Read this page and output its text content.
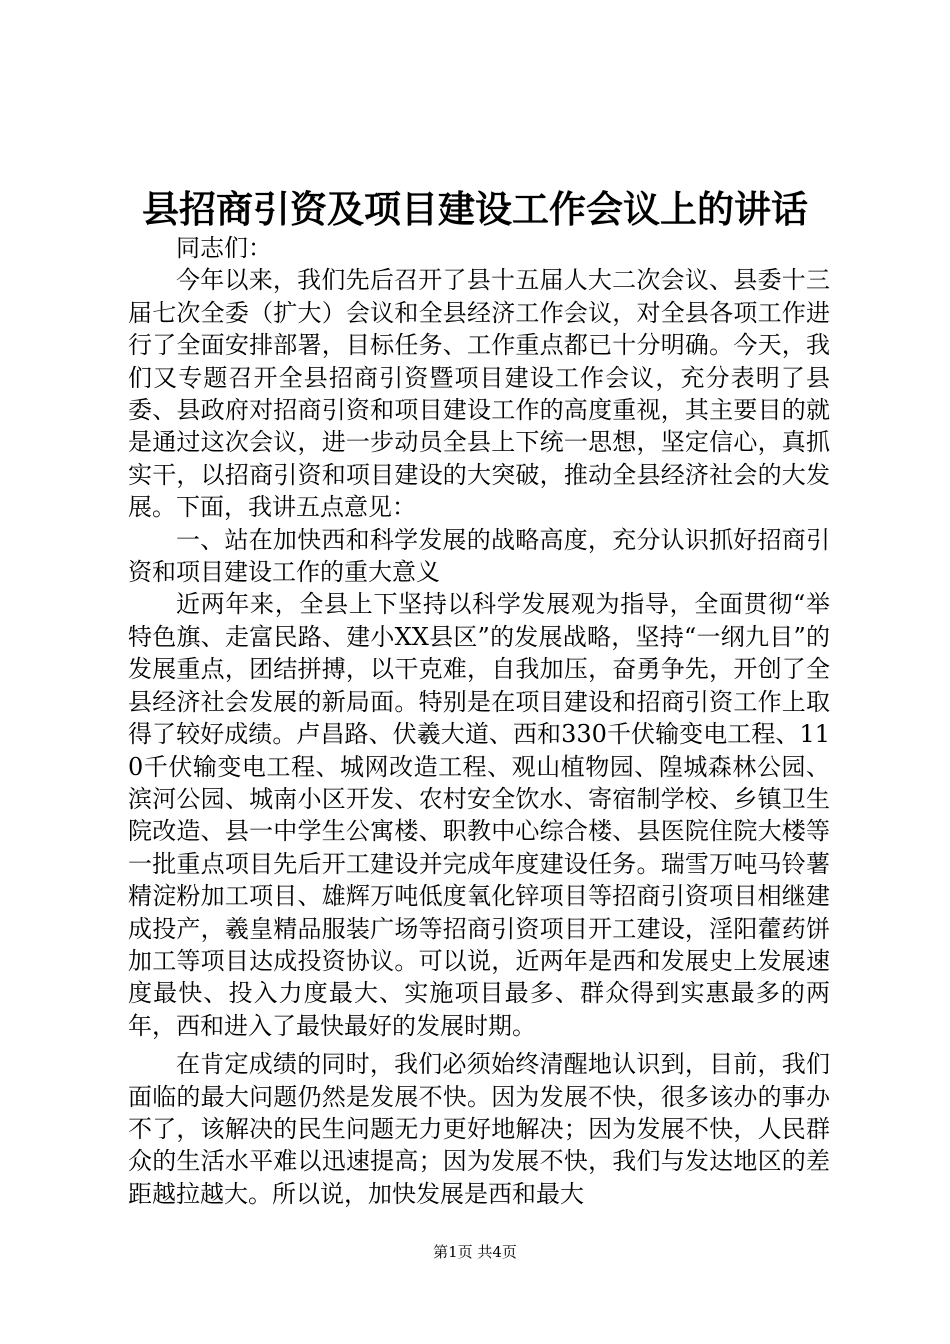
县招商引资及项目建设工作会议上的讲话

同志们：

今年以来，我们先后召开了县十五届人大二次会议、县委十三届七次全委（扩大）会议和全县经济工作会议，对全县各项工作进行了全面安排部署，目标任务、工作重点都已十分明确。今天，我们又专题召开全县招商引资暨项目建设工作会议，充分表明了县委、县政府对招商引资和项目建设工作的高度重视，其主要目的就是通过这次会议，进一步动员全县上下统一思想，坚定信心，真抓实干，以招商引资和项目建设的大突破，推动全县经济社会的大发展。下面，我讲五点意见：

一、站在加快西和科学发展的战略高度，充分认识抓好招商引资和项目建设工作的重大意义

近两年来，全县上下坚持以科学发展观为指导，全面贯彻“举特色旗、走富民路、建小XX县区”的发展战略，坚持“一纲九目”的发展重点，团结拼搏，以干克难，自我加压，奋勇争先，开创了全县经济社会发展的新局面。特别是在项目建设和招商引资工作上取得了较好成绩。卢昌路、伏羲大道、西和330千伏输变电工程、110千伏输变电工程、城网改造工程、观山植物园、隍城森林公园、滨河公园、城南小区开发、农村安全饮水、寄宿制学校、乡镇卫生院改造、县一中学生公寓楼、职教中心综合楼、县医院住院大楼等一批重点项目先后开工建设并完成年度建设任务。瑞雪万吨马铃薯精淀粉加工项目、雄辉万吨低度氧化锌项目等招商引资项目相继建成投产，羲皇精品服装广场等招商引资项目开工建设，淫阳藿药饼加工等项目达成投资协议。可以说，近两年是西和发展史上发展速度最快、投入力度最大、实施项目最多、群众得到实惠最多的两年，西和进入了最快最好的发展时期。

在肯定成绩的同时，我们必须始终清醒地认识到，目前，我们面临的最大问题仍然是发展不快。因为发展不快，很多该办的事办不了，该解决的民生问题无力更好地解决；因为发展不快，人民群众的生活水平难以迅速提高；因为发展不快，我们与发达地区的差距越拉越大。所以说，加快发展是西和最大

第1页 共4页
